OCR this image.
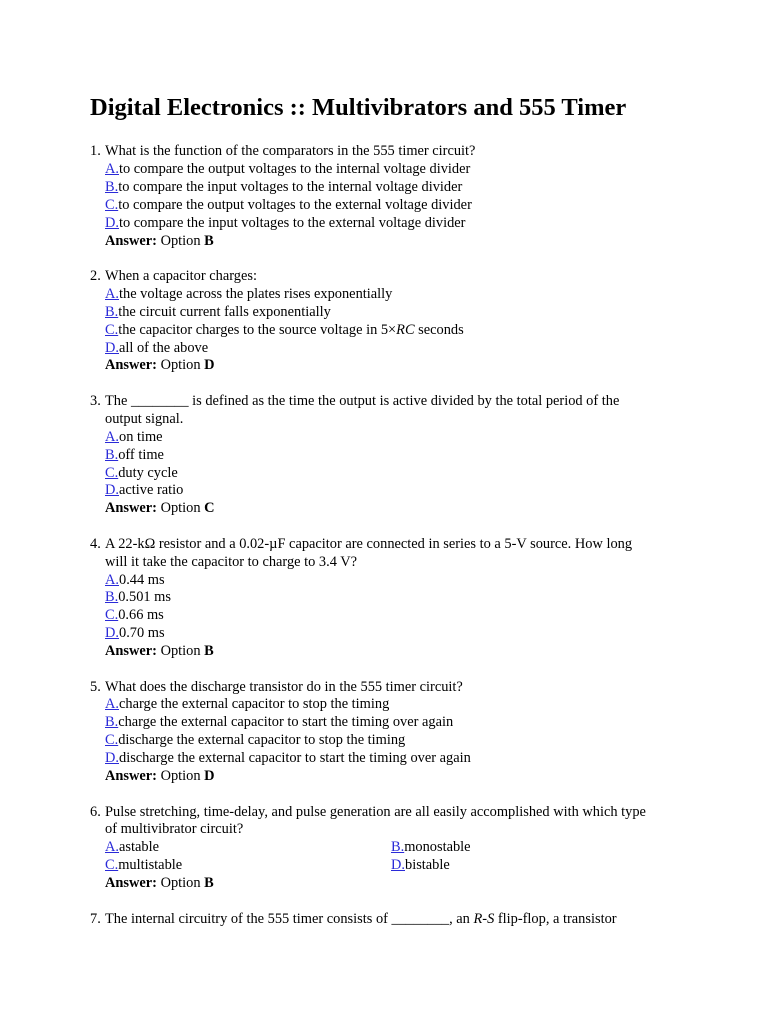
Digital Electronics :: Multivibrators and 555 Timer
1. What is the function of the comparators in the 555 timer circuit?
A.to compare the output voltages to the internal voltage divider
B.to compare the input voltages to the internal voltage divider
C.to compare the output voltages to the external voltage divider
D.to compare the input voltages to the external voltage divider
Answer: Option B
2. When a capacitor charges:
A.the voltage across the plates rises exponentially
B.the circuit current falls exponentially
C.the capacitor charges to the source voltage in 5×RC seconds
D.all of the above
Answer: Option D
3. The ________ is defined as the time the output is active divided by the total period of the
output signal.
A.on time
B.off time
C.duty cycle
D.active ratio
Answer: Option C
4. A 22-kΩ resistor and a 0.02-µF capacitor are connected in series to a 5-V source. How long
will it take the capacitor to charge to 3.4 V?
A.0.44 ms
B.0.501 ms
C.0.66 ms
D.0.70 ms
Answer: Option B
5. What does the discharge transistor do in the 555 timer circuit?
A.charge the external capacitor to stop the timing
B.charge the external capacitor to start the timing over again
C.discharge the external capacitor to stop the timing
D.discharge the external capacitor to start the timing over again
Answer: Option D
6. Pulse stretching, time-delay, and pulse generation are all easily accomplished with which type
of multivibrator circuit?
A.astable	B.monostable
C.multistable	D.bistable
Answer: Option B
7. The internal circuitry of the 555 timer consists of ________, an R-S flip-flop, a transistor
